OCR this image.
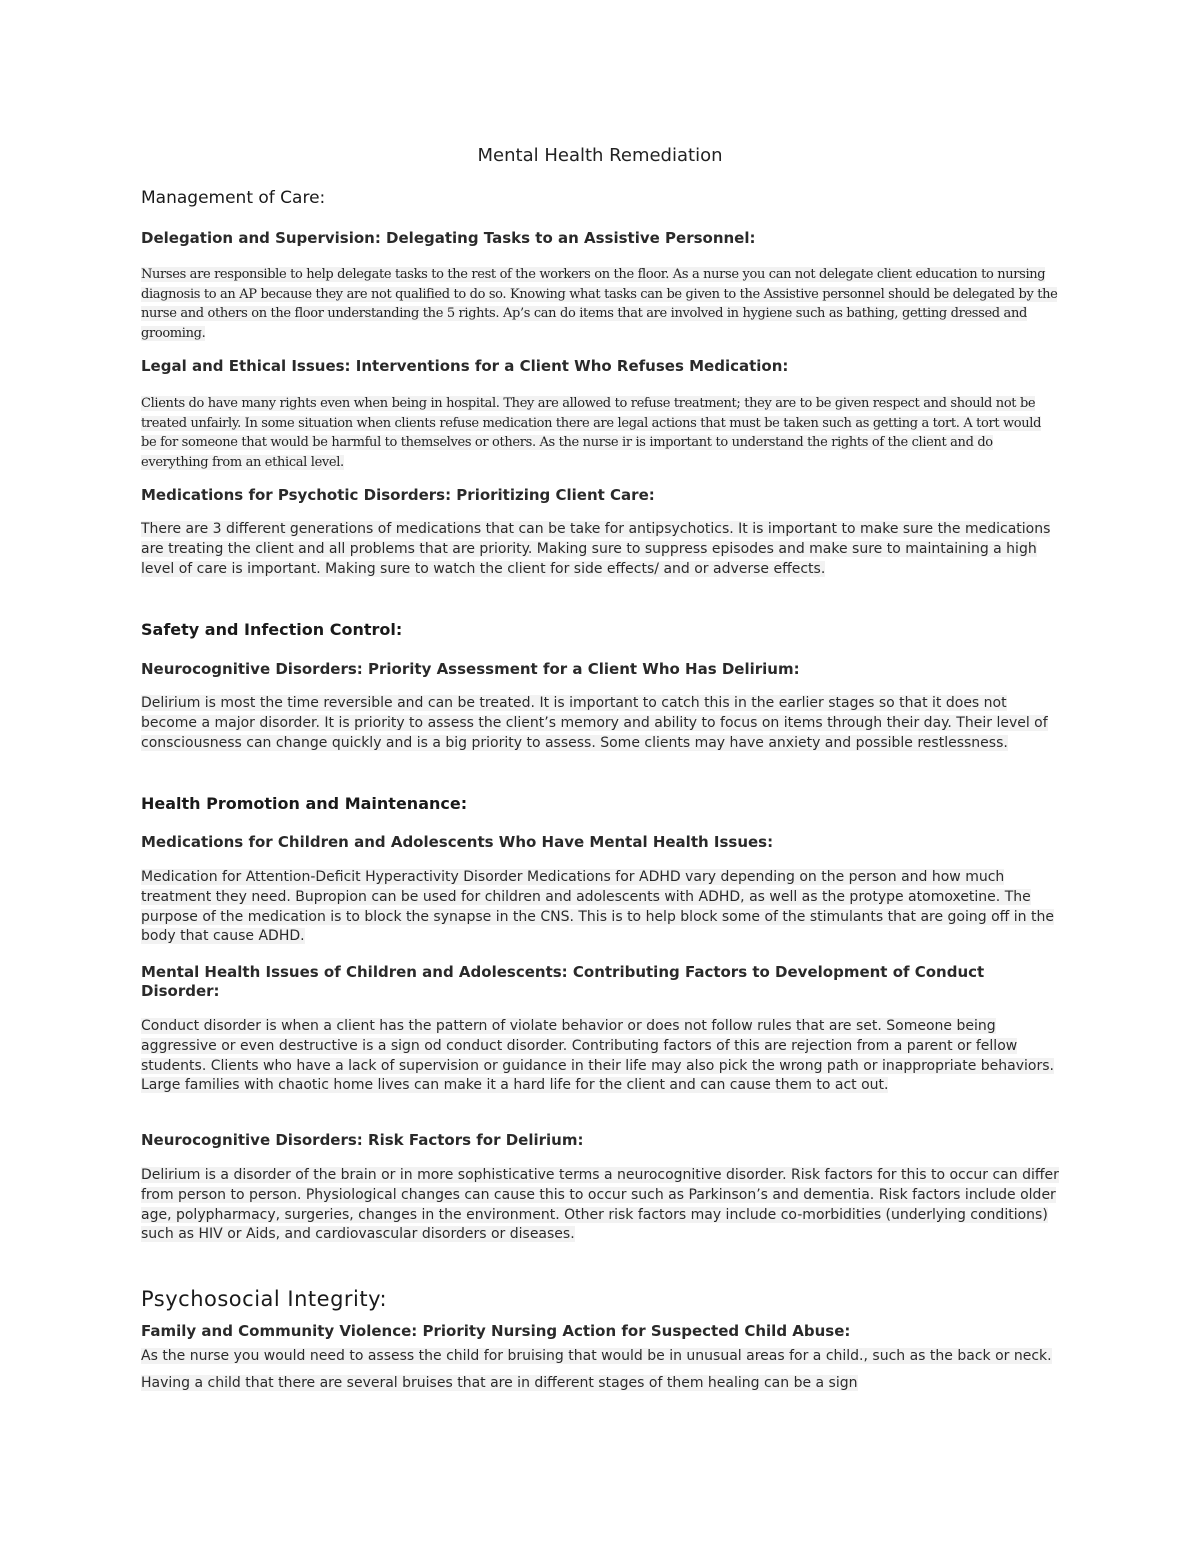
Mental Health Remediation
Management of Care:
Delegation and Supervision: Delegating Tasks to an Assistive Personnel:

Nurses are responsible to help delegate tasks to the rest of the workers on the floor. As a nurse you can not delegate client education to nursing diagnosis to an AP because they are not qualified to do so. Knowing what tasks can be given to the Assistive personnel should be delegated by the nurse and others on the floor understanding the 5 rights. Ap’s can do items that are involved in hygiene such as bathing, getting dressed and grooming.

Legal and Ethical Issues: Interventions for a Client Who Refuses Medication:

Clients do have many rights even when being in hospital. They are allowed to refuse treatment; they are to be given respect and should not be treated unfairly. In some situation when clients refuse medication there are legal actions that must be taken such as getting a tort. A tort would be for someone that would be harmful to themselves or others. As the nurse ir is important to understand the rights of the client and do everything from an ethical level.

Medications for Psychotic Disorders: Prioritizing Client Care:

There are 3 different generations of medications that can be take for antipsychotics. It is important to make sure the medications are treating the client and all problems that are priority. Making sure to suppress episodes and make sure to maintaining a high level of care is important. Making sure to watch the client for side effects/ and or adverse effects.

Safety and Infection Control:
Neurocognitive Disorders: Priority Assessment for a Client Who Has Delirium:

Delirium is most the time reversible and can be treated. It is important to catch this in the earlier stages so that it does not become a major disorder. It is priority to assess the client’s memory and ability to focus on items through their day. Their level of consciousness can change quickly and is a big priority to assess. Some clients may have anxiety and possible restlessness.

Health Promotion and Maintenance:
Medications for Children and Adolescents Who Have Mental Health Issues:

Medication for Attention-Deficit Hyperactivity Disorder Medications for ADHD vary depending on the person and how much treatment they need. Bupropion can be used for children and adolescents with ADHD, as well as the protype atomoxetine. The purpose of the medication is to block the synapse in the CNS. This is to help block some of the stimulants that are going off in the body that cause ADHD.

Mental Health Issues of Children and Adolescents: Contributing Factors to Development of Conduct Disorder:

Conduct disorder is when a client has the pattern of violate behavior or does not follow rules that are set. Someone being aggressive or even destructive is a sign od conduct disorder. Contributing factors of this are rejection from a parent or fellow students. Clients who have a lack of supervision or guidance in their life may also pick the wrong path or inappropriate behaviors. Large families with chaotic home lives can make it a hard life for the client and can cause them to act out.

Neurocognitive Disorders: Risk Factors for Delirium:

Delirium is a disorder of the brain or in more sophisticative terms a neurocognitive disorder. Risk factors for this to occur can differ from person to person. Physiological changes can cause this to occur such as Parkinson’s and dementia. Risk factors include older age, polypharmacy, surgeries, changes in the environment. Other risk factors may include co-morbidities (underlying conditions) such as HIV or Aids, and cardiovascular disorders or diseases.

Psychosocial Integrity:
Family and Community Violence: Priority Nursing Action for Suspected Child Abuse:

As the nurse you would need to assess the child for bruising that would be in unusual areas for a child., such as the back or neck. Having a child that there are several bruises that are in different stages of them healing can be a sign
